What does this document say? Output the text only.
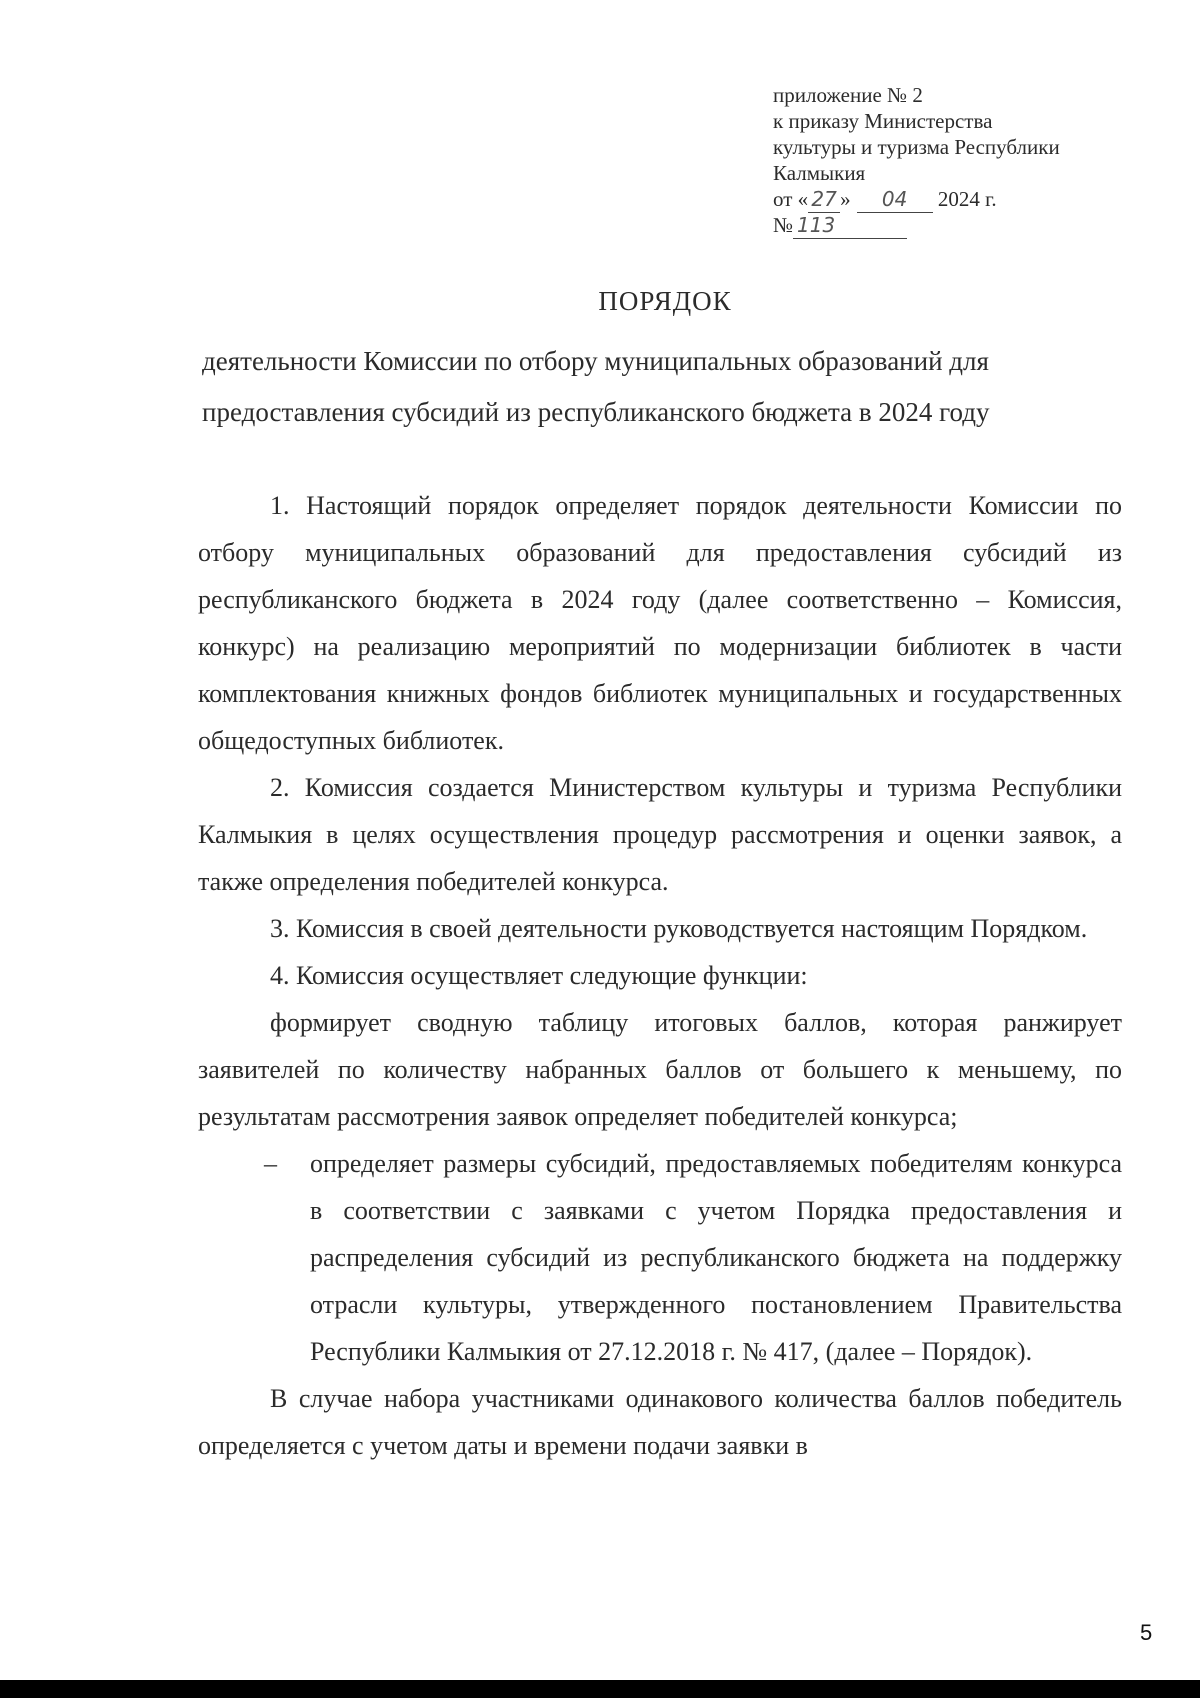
приложение № 2
к приказу Министерства
культуры и туризма Республики
Калмыкия
от « 27 » 04 2024 г.
№ 113
ПОРЯДОК
деятельности Комиссии по отбору муниципальных образований для
предоставления субсидий из республиканского бюджета в 2024 году

1. Настоящий порядок определяет порядок деятельности Комиссии по отбору муниципальных образований для предоставления субсидий из республиканского бюджета в 2024 году (далее соответственно – Комиссия, конкурс) на реализацию мероприятий по модернизации библиотек в части комплектования книжных фондов библиотек муниципальных и государственных общедоступных библиотек.

2. Комиссия создается Министерством культуры и туризма Республики Калмыкия в целях осуществления процедур рассмотрения и оценки заявок, а также определения победителей конкурса.

3. Комиссия в своей деятельности руководствуется настоящим Порядком.

4. Комиссия осуществляет следующие функции:

формирует сводную таблицу итоговых баллов, которая ранжирует заявителей по количеству набранных баллов от большего к меньшему, по результатам рассмотрения заявок определяет победителей конкурса;

– определяет размеры субсидий, предоставляемых победителям конкурса в соответствии с заявками с учетом Порядка предоставления и распределения субсидий из республиканского бюджета на поддержку отрасли культуры, утвержденного постановлением Правительства Республики Калмыкия от 27.12.2018 г. № 417, (далее – Порядок).

В случае набора участниками одинакового количества баллов победитель определяется с учетом даты и времени подачи заявки в

5
